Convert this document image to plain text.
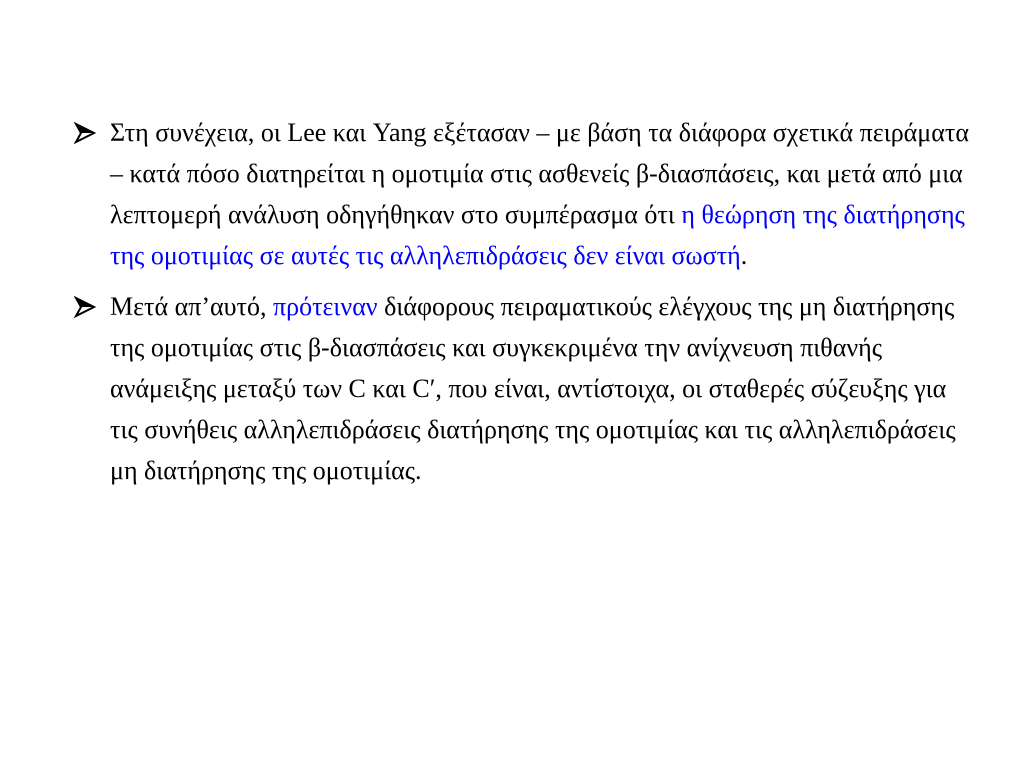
Στη συνέχεια, οι Lee και Yang εξέτασαν – με βάση τα διάφορα σχετικά πειράματα – κατά πόσο διατηρείται η ομοτιμία στις ασθενείς β-διασπάσεις, και μετά από μια λεπτομερή ανάλυση οδηγήθηκαν στο συμπέρασμα ότι η θεώρηση της διατήρησης της ομοτιμίας σε αυτές τις αλληλεπιδράσεις δεν είναι σωστή.
Μετά απ’αυτό, πρότειναν διάφορους πειραματικούς ελέγχους της μη διατήρησης της ομοτιμίας στις β-διασπάσεις και συγκεκριμένα την ανίχνευση πιθανής ανάμειξης μεταξύ των C και C′, που είναι, αντίστοιχα, οι σταθερές σύζευξης για τις συνήθεις αλληλεπιδράσεις διατήρησης της ομοτιμίας και τις αλληλεπιδράσεις μη διατήρησης της ομοτιμίας.
